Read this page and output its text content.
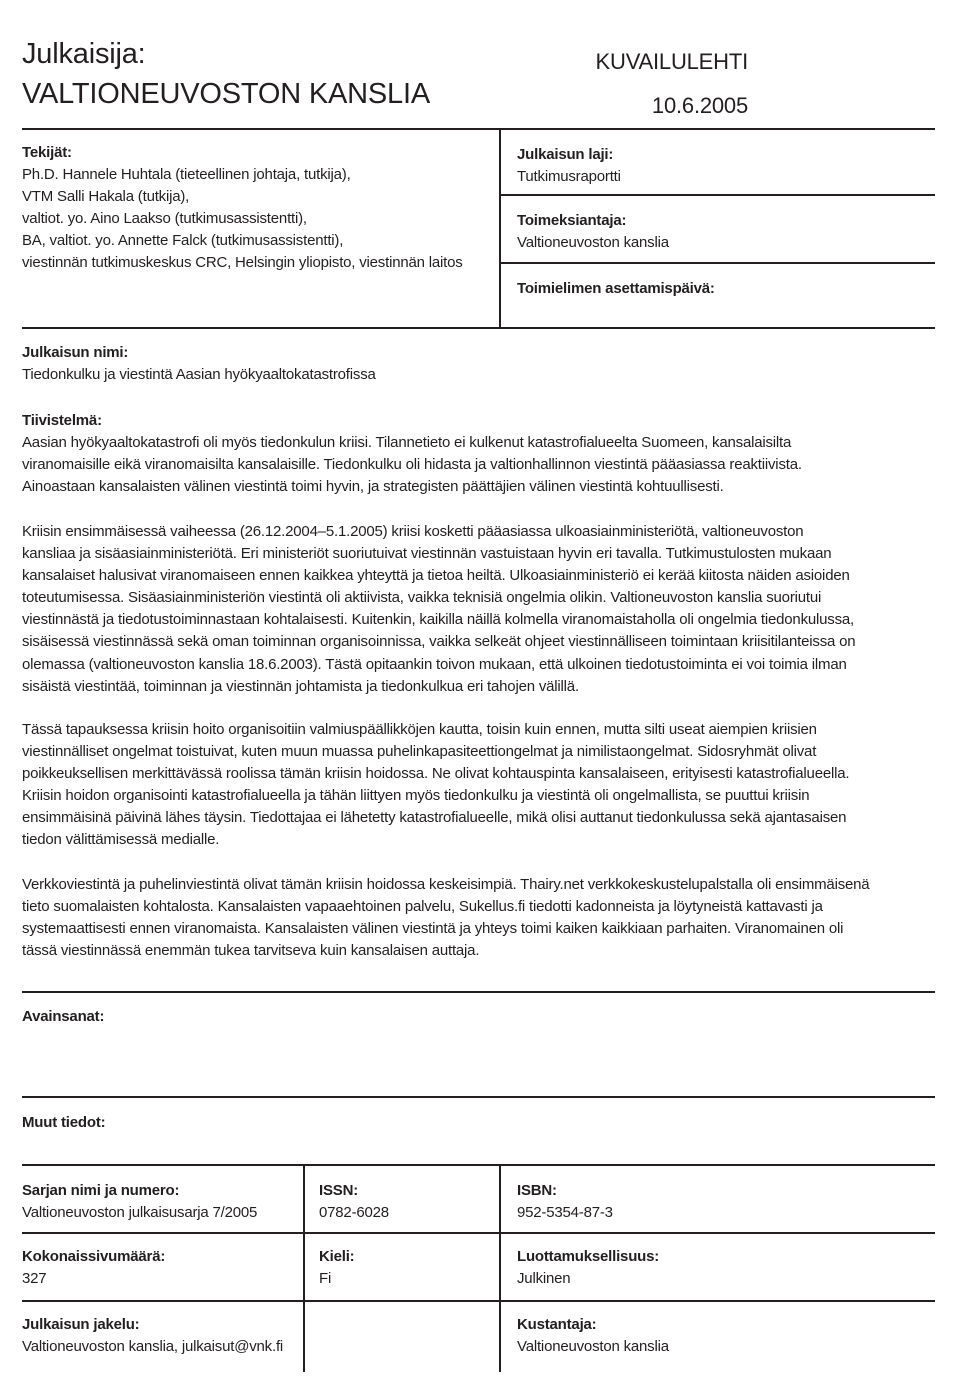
Julkaisija:
VALTIONEUVOSTON KANSLIA
KUVAILULEHTI
10.6.2005
Tekijät:
Ph.D. Hannele Huhtala (tieteellinen johtaja, tutkija),
VTM Salli Hakala (tutkija),
valtiot. yo. Aino Laakso (tutkimusassistentti),
BA, valtiot. yo. Annette Falck (tutkimusassistentti),
viestinnän tutkimuskeskus CRC, Helsingin yliopisto, viestinnän laitos
Julkaisun laji:
Tutkimusraportti
Toimeksiantaja:
Valtioneuvoston kanslia
Toimielimen asettamispäivä:
Julkaisun nimi:
Tiedonkulku ja viestintä Aasian hyökyaaltokatastrofissa
Tiivistelmä:
Aasian hyökyaaltokatastrofi oli myös tiedonkulun kriisi. Tilannetieto ei kulkenut katastrofialueelta Suomeen, kansalaisilta
viranomaisille eikä viranomaisilta kansalaisille. Tiedonkulku oli hidasta ja valtionhallinnon viestintä pääasiassa reaktiivista.
Ainoastaan kansalaisten välinen viestintä toimi hyvin, ja strategisten päättäjien välinen viestintä kohtuullisesti.
Kriisin ensimmäisessä vaiheessa (26.12.2004–5.1.2005) kriisi kosketti pääasiassa ulkoasiainministeriötä, valtioneuvoston
kansliaa ja sisäasiainministeriötä. Eri ministeriöt suoriutuivat viestinnän vastuistaan hyvin eri tavalla. Tutkimustulosten mukaan
kansalaiset halusivat viranomaiseen ennen kaikkea yhteyttä ja tietoa heiltä. Ulkoasiainministeriö ei kerää kiitosta näiden asioiden
toteutumisessa. Sisäasiainministeriön viestintä oli aktiivista, vaikka teknisiä ongelmia olikin. Valtioneuvoston kanslia suoriutui
viestinnästä ja tiedotustoiminnastaan kohtalaisesti. Kuitenkin, kaikilla näillä kolmella viranomaistaholla oli ongelmia tiedonkulussa,
sisäisessä viestinnässä sekä oman toiminnan organisoinnissa, vaikka selkeät ohjeet viestinnälliseen toimintaan kriisitilanteissa on
olemassa (valtioneuvoston kanslia 18.6.2003). Tästä opitaankin toivon mukaan, että ulkoinen tiedotustoiminta ei voi toimia ilman
sisäistä viestintää, toiminnan ja viestinnän johtamista ja tiedonkulkua eri tahojen välillä.
Tässä tapauksessa kriisin hoito organisoitiin valmiuspäällikköjen kautta, toisin kuin ennen, mutta silti useat aiempien kriisien
viestinnälliset ongelmat toistuivat, kuten muun muassa puhelinkapasiteettiongelmat ja nimilistaongelmat. Sidosryhmät olivat
poikkeuksellisen merkittävässä roolissa tämän kriisin hoidossa. Ne olivat kohtauspinta kansalaiseen, erityisesti katastrofialueella.
Kriisin hoidon organisointi katastrofialueella ja tähän liittyen myös tiedonkulku ja viestintä oli ongelmallista, se puuttui kriisin
ensimmäisinä päivinä lähes täysin. Tiedottajaa ei lähetetty katastrofialueelle, mikä olisi auttanut tiedonkulussa sekä ajantasaisen
tiedon välittämisessä medialle.
Verkkoviestintä ja puhelinviestintä olivat tämän kriisin hoidossa keskeisimpiä. Thairy.net verkkokeskustelupalstalla oli ensimmäisenä
tieto suomalaisten kohtalosta. Kansalaisten vapaaehtoinen palvelu, Sukellus.fi tiedotti kadonneista ja löytyneistä kattavasti ja
systemaattisesti ennen viranomaista. Kansalaisten välinen viestintä ja yhteys toimi kaiken kaikkiaan parhaiten. Viranomainen oli
tässä viestinnässä enemmän tukea tarvitseva kuin kansalaisen auttaja.
Avainsanat:
Muut tiedot:
Sarjan nimi ja numero:
Valtioneuvoston julkaisusarja 7/2005
ISSN:
0782-6028
ISBN:
952-5354-87-3
Kokonaissivumäärä:
327
Kieli:
Fi
Luottamuksellisuus:
Julkinen
Julkaisun jakelu:
Valtioneuvoston kanslia, julkaisut@vnk.fi
Kustantaja:
Valtioneuvoston kanslia
